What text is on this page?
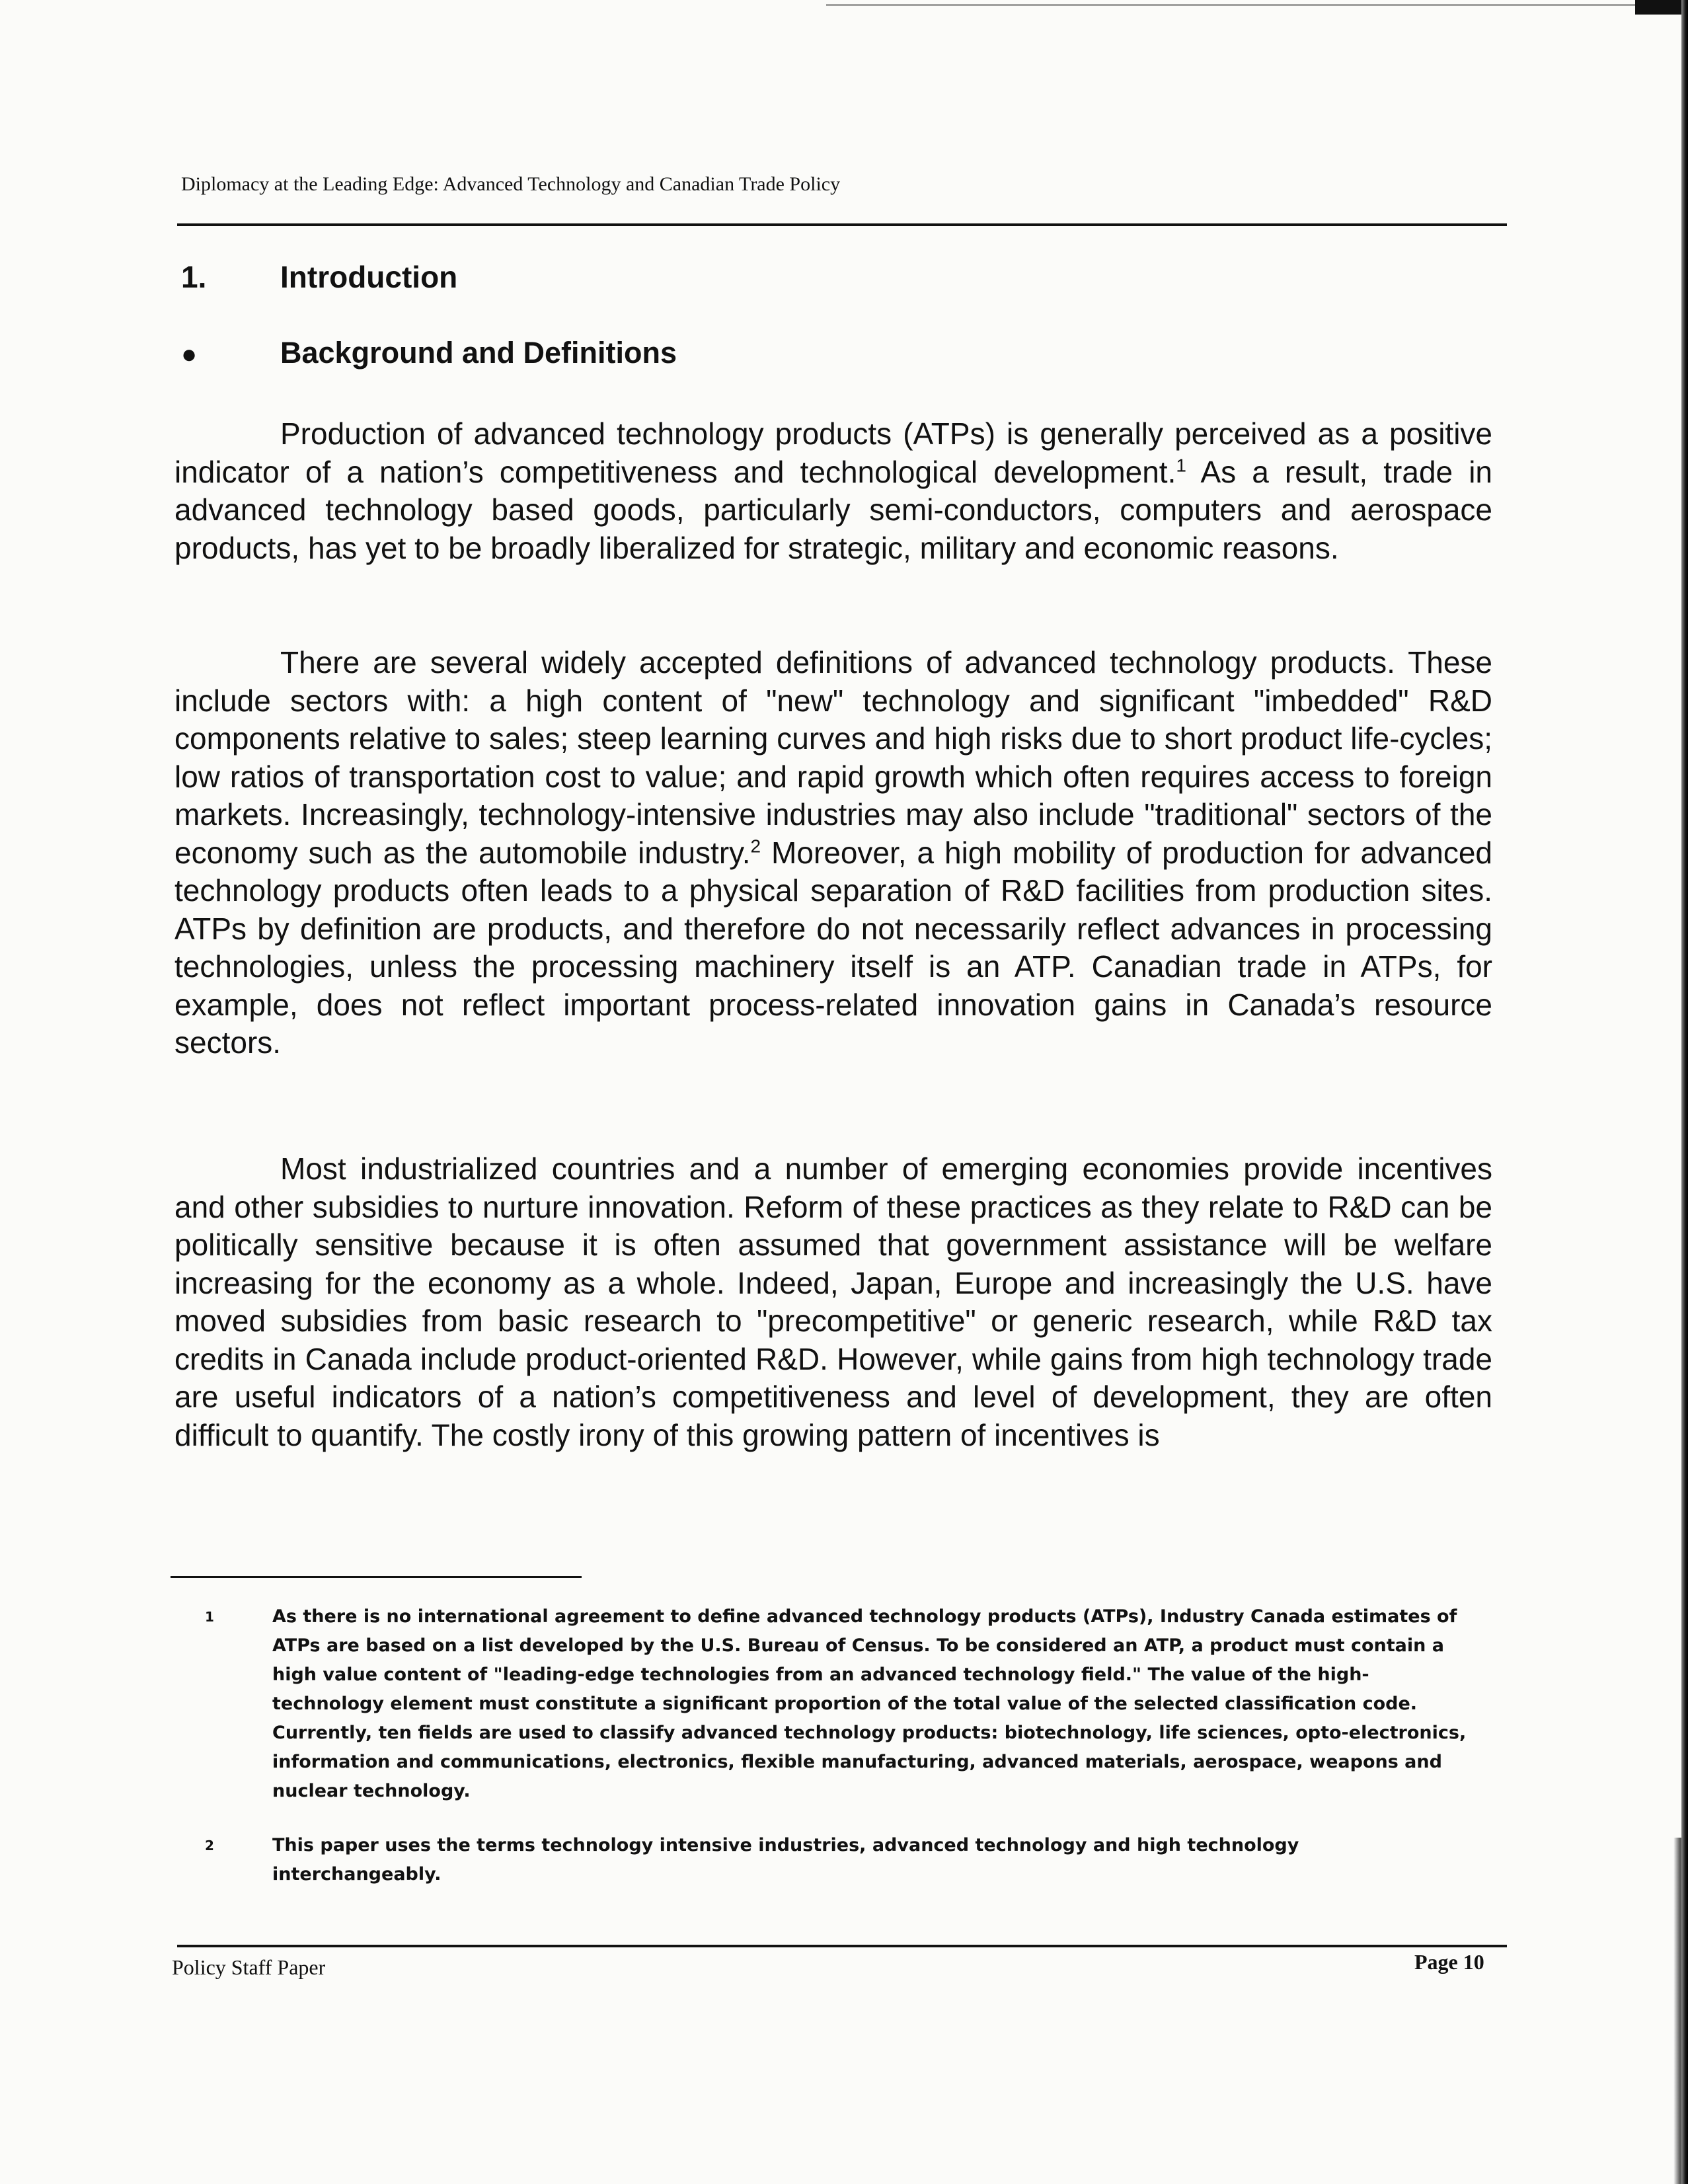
Diplomacy at the Leading Edge: Advanced Technology and Canadian Trade Policy
1. Introduction
●	Background and Definitions

Production of advanced technology products (ATPs) is generally perceived as a positive indicator of a nation’s competitiveness and technological development.$^1$ As a result, trade in advanced technology based goods, particularly semi-conductors, computers and aerospace products, has yet to be broadly liberalized for strategic, military and economic reasons.

There are several widely accepted definitions of advanced technology products. These include sectors with: a high content of "new" technology and significant "imbedded" R&D components relative to sales; steep learning curves and high risks due to short product life-cycles; low ratios of transportation cost to value; and rapid growth which often requires access to foreign markets. Increasingly, technology-intensive industries may also include "traditional" sectors of the economy such as the automobile industry.$^2$ Moreover, a high mobility of production for advanced technology products often leads to a physical separation of R&D facilities from production sites. ATPs by definition are products, and therefore do not necessarily reflect advances in processing technologies, unless the processing machinery itself is an ATP. Canadian trade in ATPs, for example, does not reflect important process-related innovation gains in Canada’s resource sectors.

Most industrialized countries and a number of emerging economies provide incentives and other subsidies to nurture innovation. Reform of these practices as they relate to R&D can be politically sensitive because it is often assumed that government assistance will be welfare increasing for the economy as a whole. Indeed, Japan, Europe and increasingly the U.S. have moved subsidies from basic research to "precompetitive" or generic research, while R&D tax credits in Canada include product-oriented R&D. However, while gains from high technology trade are useful indicators of a nation’s competitiveness and level of development, they are often difficult to quantify. The costly irony of this growing pattern of incentives is

1	As there is no international agreement to define advanced technology products (ATPs), Industry Canada estimates of ATPs are based on a list developed by the U.S. Bureau of Census. To be considered an ATP, a product must contain a high value content of "leading-edge technologies from an advanced technology field." The value of the high-technology element must constitute a significant proportion of the total value of the selected classification code. Currently, ten fields are used to classify advanced technology products: biotechnology, life sciences, opto-electronics, information and communications, electronics, flexible manufacturing, advanced materials, aerospace, weapons and nuclear technology.
2	This paper uses the terms technology intensive industries, advanced technology and high technology interchangeably.
Policy Staff Paper	Page 10
